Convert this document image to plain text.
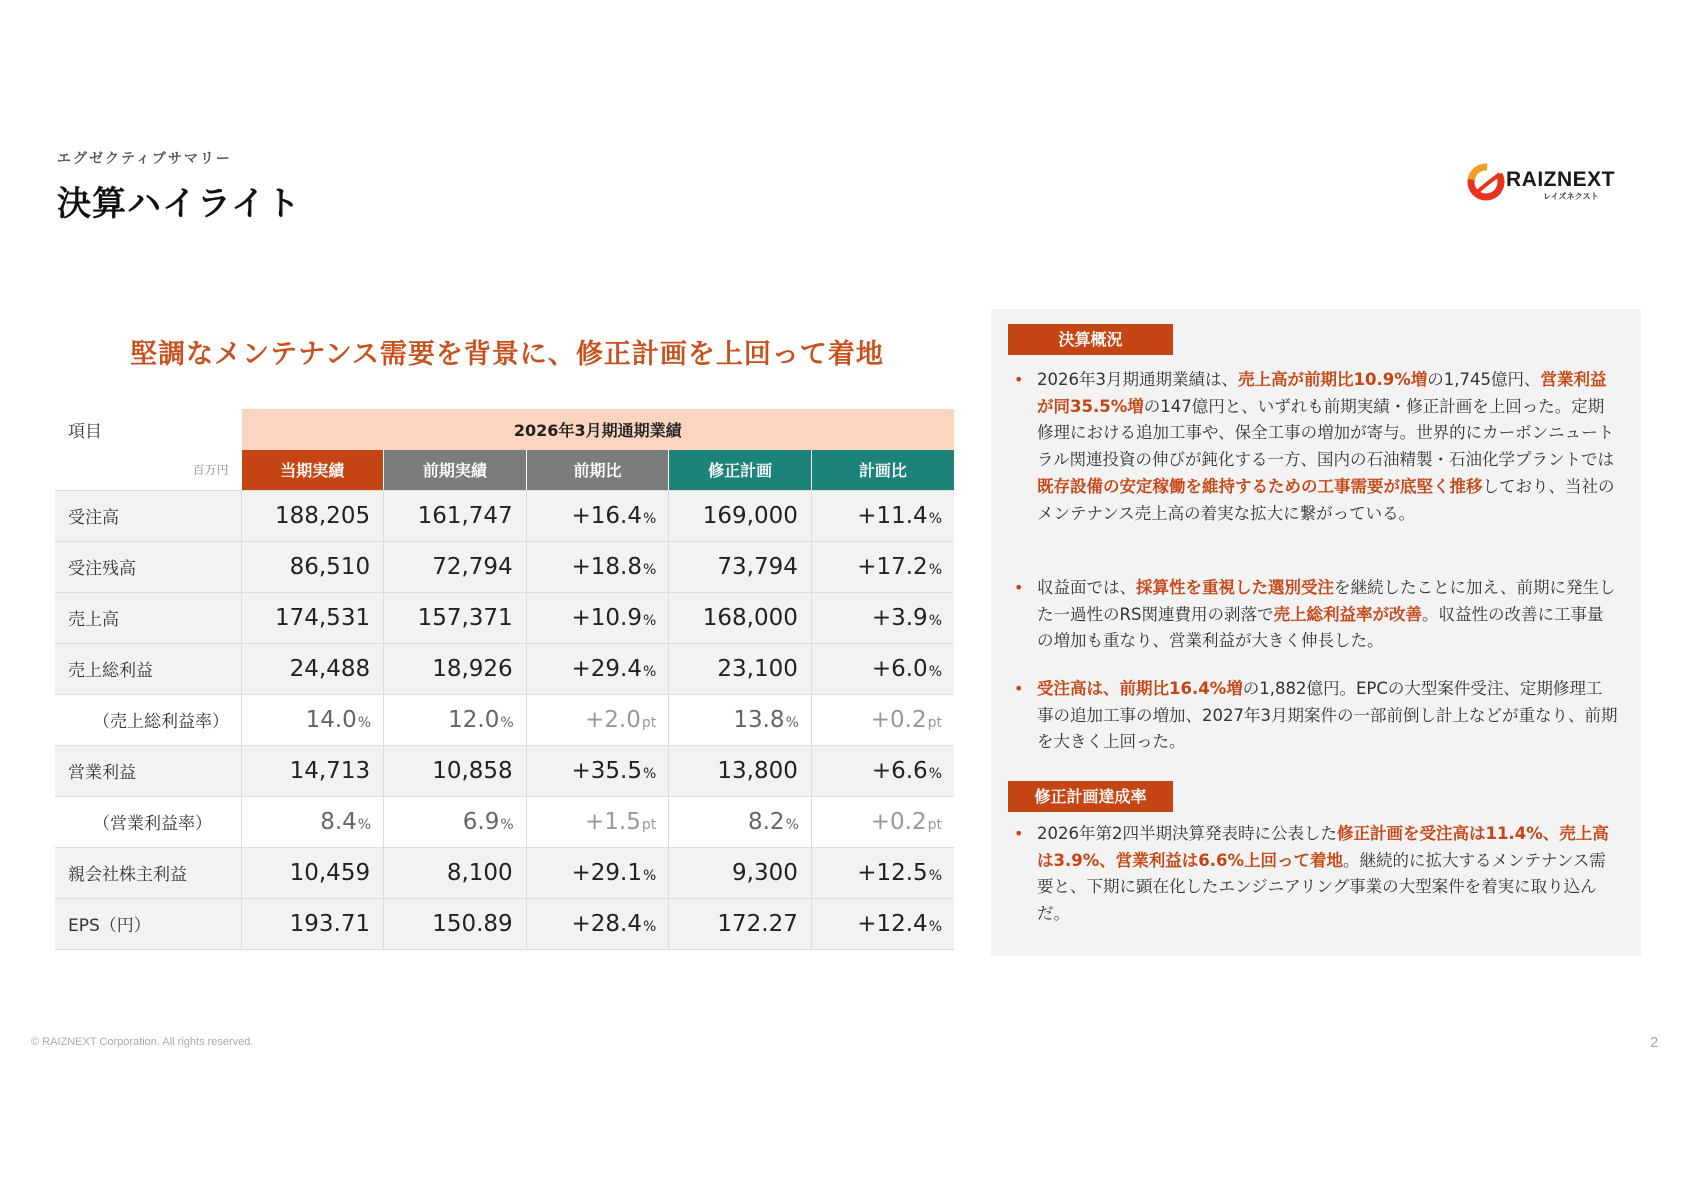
エグゼクティブサマリー
決算ハイライト
RAIZNEXT
レイズネクスト
堅調なメンテナンス需要を背景に、修正計画を上回って着地
項目	2026年3月期通期業績				
百万円	当期実績	前期実績	前期比	修正計画	計画比
受注高	188,205	161,747	+16.4%	169,000	+11.4%
受注残高	86,510	72,794	+18.8%	73,794	+17.2%
売上高	174,531	157,371	+10.9%	168,000	+3.9%
売上総利益	24,488	18,926	+29.4%	23,100	+6.0%
（売上総利益率）	14.0%	12.0%	+2.0pt	13.8%	+0.2pt
営業利益	14,713	10,858	+35.5%	13,800	+6.6%
（営業利益率）	8.4%	6.9%	+1.5pt	8.2%	+0.2pt
親会社株主利益	10,459	8,100	+29.1%	9,300	+12.5%
EPS（円）	193.71	150.89	+28.4%	172.27	+12.4%
決算概況
• 2026年3月期通期業績は、売上高が前期比10.9%増の1,745億円、営業利益が同35.5%増の147億円と、いずれも前期実績・修正計画を上回った。定期修理における追加工事や、保全工事の増加が寄与。世界的にカーボンニュートラル関連投資の伸びが鈍化する一方、国内の石油精製・石油化学プラントでは既存設備の安定稼働を維持するための工事需要が底堅く推移しており、当社のメンテナンス売上高の着実な拡大に繋がっている。
• 収益面では、採算性を重視した選別受注を継続したことに加え、前期に発生した一過性のRS関連費用の剥落で売上総利益率が改善。収益性の改善に工事量の増加も重なり、営業利益が大きく伸長した。
• 受注高は、前期比16.4%増の1,882億円。EPCの大型案件受注、定期修理工事の追加工事の増加、2027年3月期案件の一部前倒し計上などが重なり、前期を大きく上回った。
修正計画達成率
• 2026年第2四半期決算発表時に公表した修正計画を受注高は11.4%、売上高は3.9%、営業利益は6.6%上回って着地。継続的に拡大するメンテナンス需要と、下期に顕在化したエンジニアリング事業の大型案件を着実に取り込んだ。
© RAIZNEXT Corporation. All rights reserved.	2
